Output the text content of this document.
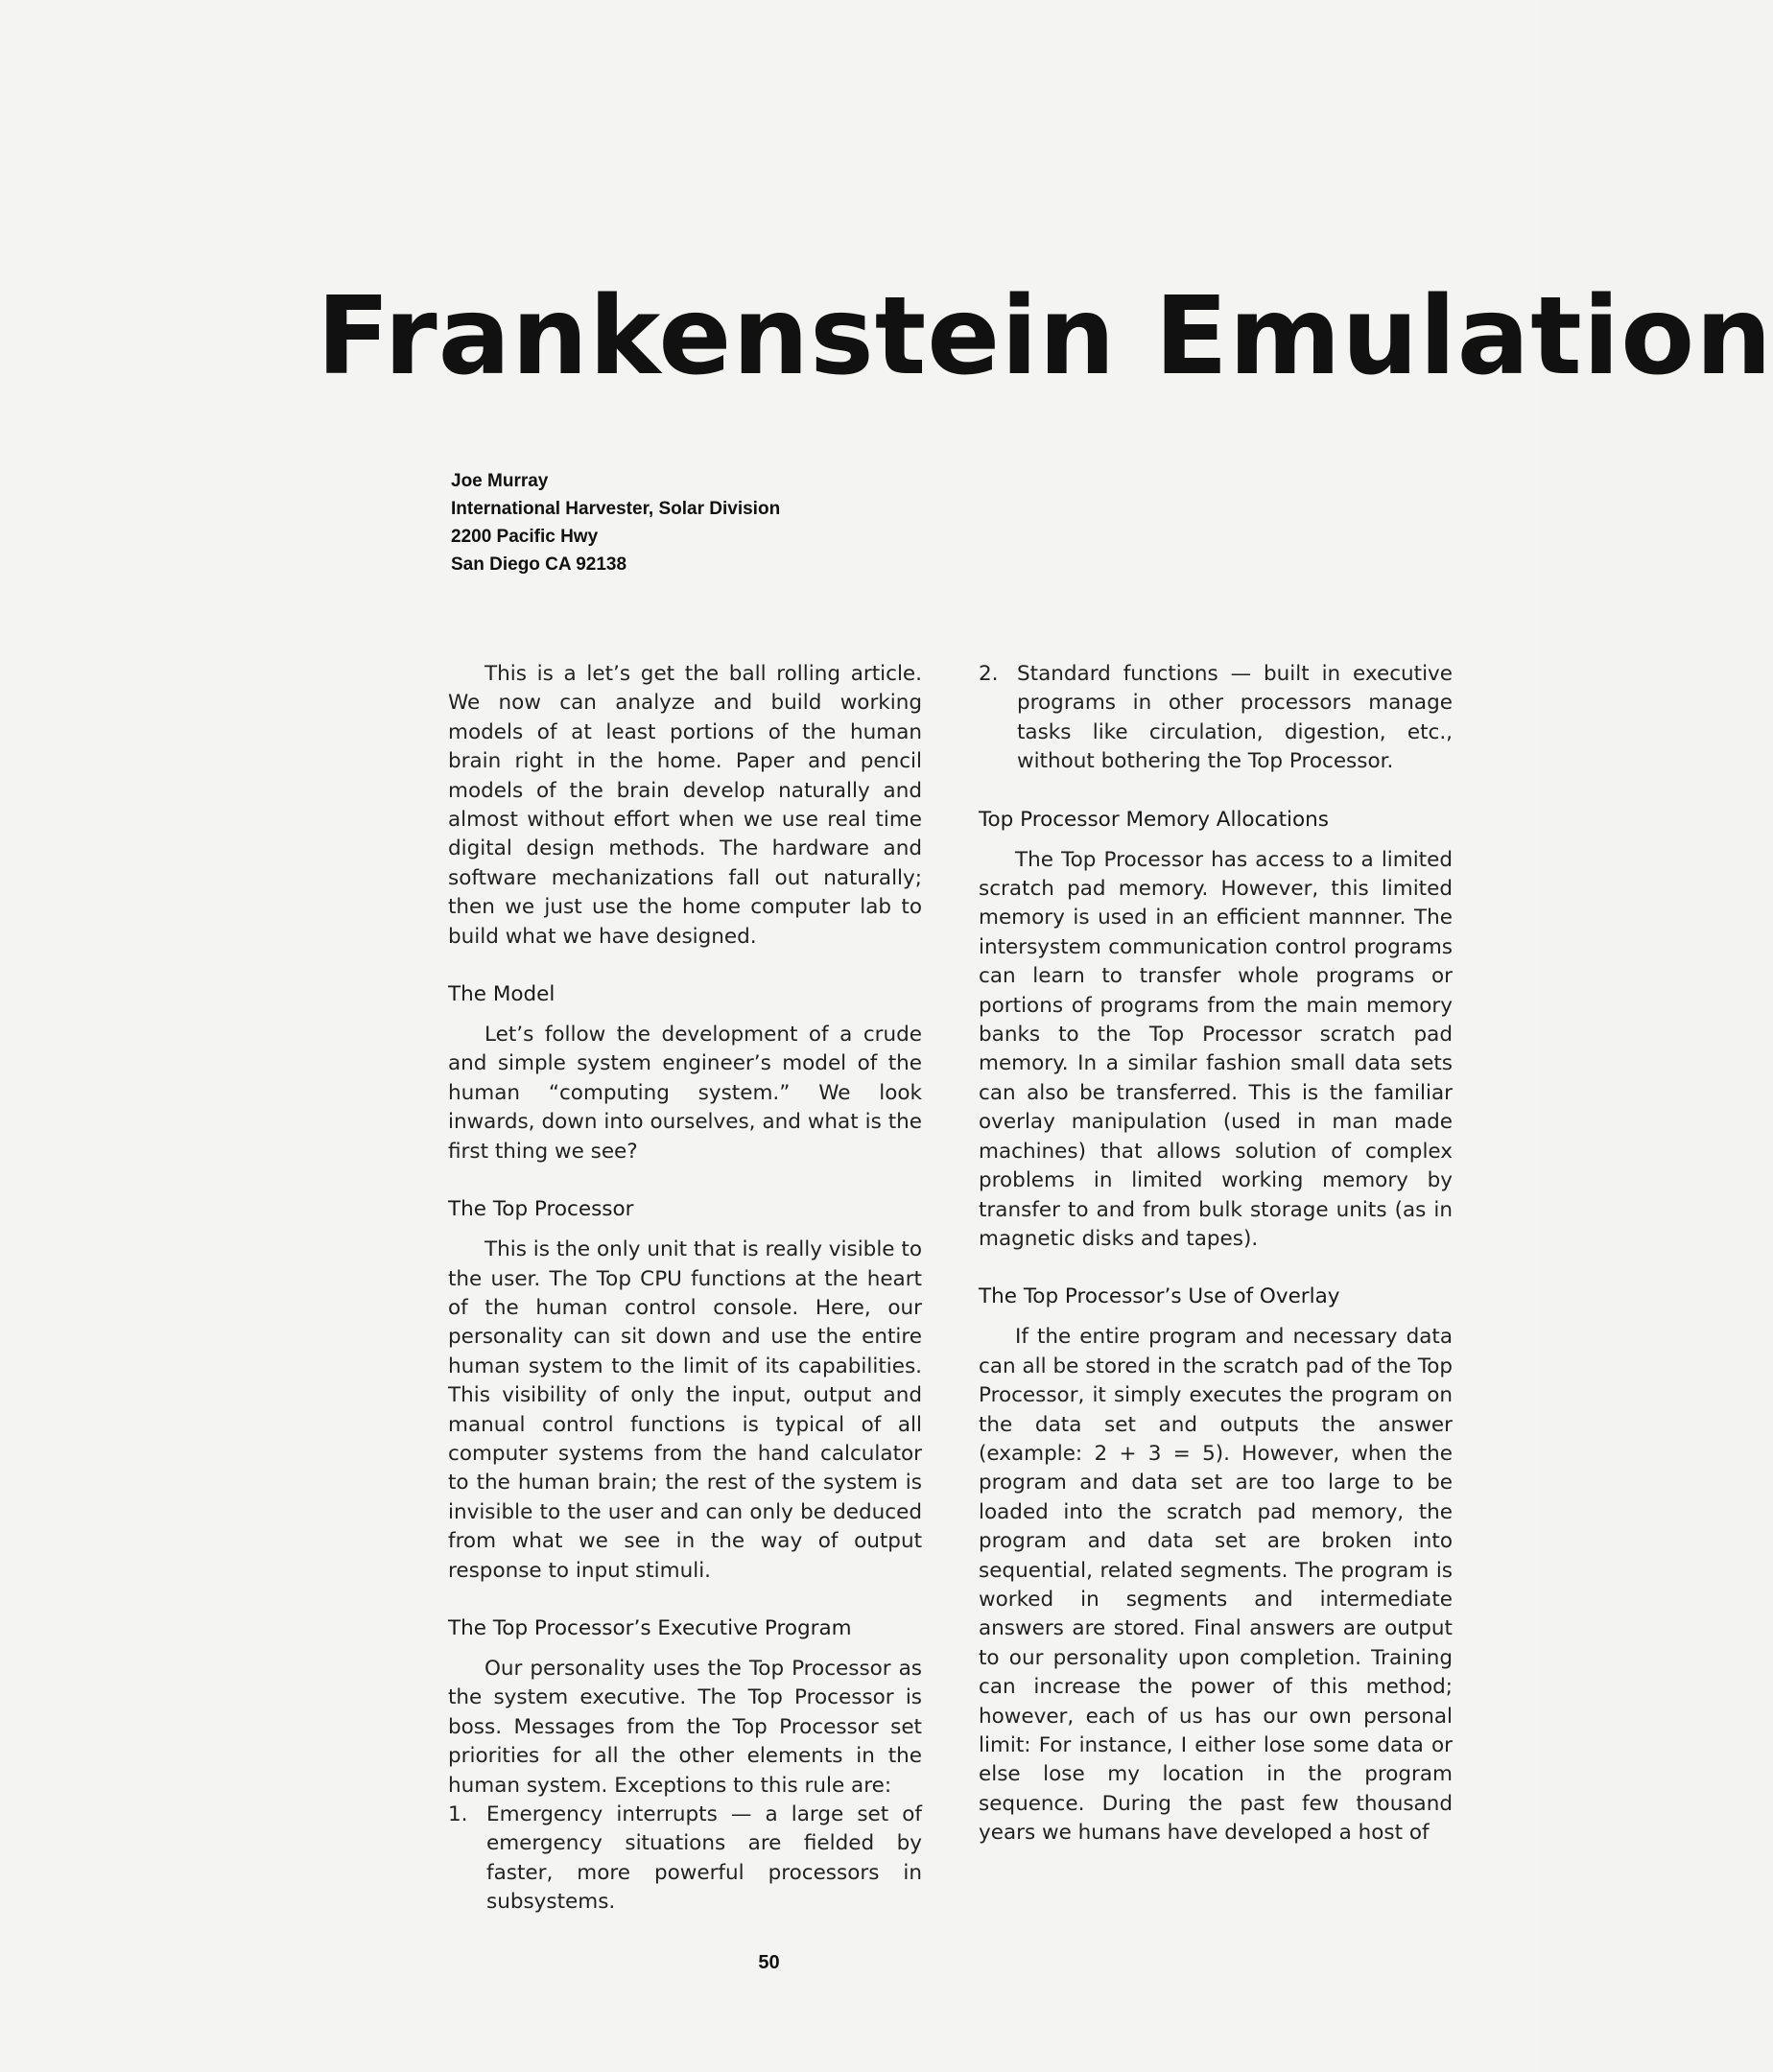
Frankenstein Emulation
Joe Murray
International Harvester, Solar Division
2200 Pacific Hwy
San Diego CA 92138

This is a let’s get the ball rolling article. We now can analyze and build working models of at least portions of the human brain right in the home. Paper and pencil models of the brain develop naturally and almost without effort when we use real time digital design methods. The hardware and software mechanizations fall out naturally; then we just use the home computer lab to build what we have designed.

The Model

Let’s follow the development of a crude and simple system engineer’s model of the human “computing system.” We look inwards, down into ourselves, and what is the first thing we see?

The Top Processor

This is the only unit that is really visible to the user. The Top CPU functions at the heart of the human control console. Here, our personality can sit down and use the entire human system to the limit of its capabilities. This visibility of only the input, output and manual control functions is typical of all computer systems from the hand calculator to the human brain; the rest of the system is invisible to the user and can only be deduced from what we see in the way of output response to input stimuli.

The Top Processor’s Executive Program

Our personality uses the Top Processor as the system executive. The Top Processor is boss. Messages from the Top Processor set priorities for all the other elements in the human system. Exceptions to this rule are:

1. Emergency interrupts — a large set of emergency situations are fielded by faster, more powerful processors in subsystems.
2. Standard functions — built in executive programs in other processors manage tasks like circulation, digestion, etc., without bothering the Top Processor.
Top Processor Memory Allocations

The Top Processor has access to a limited scratch pad memory. However, this limited memory is used in an efficient mannner. The intersystem communication control programs can learn to transfer whole programs or portions of programs from the main memory banks to the Top Processor scratch pad memory. In a similar fashion small data sets can also be transferred. This is the familiar overlay manipulation (used in man made machines) that allows solution of complex problems in limited working memory by transfer to and from bulk storage units (as in magnetic disks and tapes).

The Top Processor’s Use of Overlay

If the entire program and necessary data can all be stored in the scratch pad of the Top Processor, it simply executes the program on the data set and outputs the answer (example: 2 + 3 = 5). However, when the program and data set are too large to be loaded into the scratch pad memory, the program and data set are broken into sequential, related segments. The program is worked in segments and intermediate answers are stored. Final answers are output to our personality upon completion. Training can increase the power of this method; however, each of us has our own personal limit: For instance, I either lose some data or else lose my location in the program sequence. During the past few thousand years we humans have developed a host of

50
